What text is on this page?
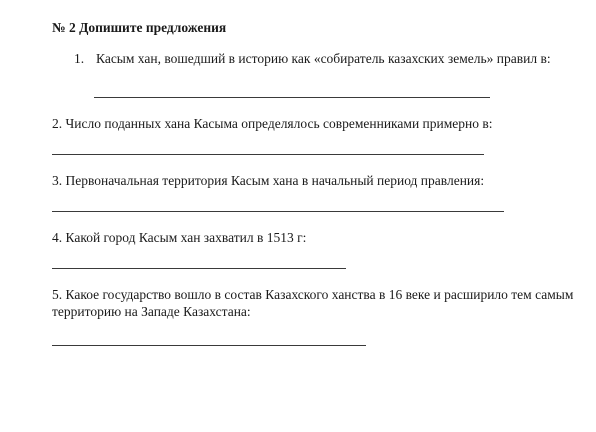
№ 2 Допишите предложения
1. Касым хан, вошедший в историю как «собиратель казахских земель» правил в:
2. Число поданных хана Касыма определялось современниками примерно в:
3. Первоначальная территория Касым хана в начальный период правления:
4. Какой город Касым хан захватил в 1513 г:
5. Какое государство вошло в состав Казахского ханства в 16 веке и расширило тем самым территорию на Западе Казахстана:
